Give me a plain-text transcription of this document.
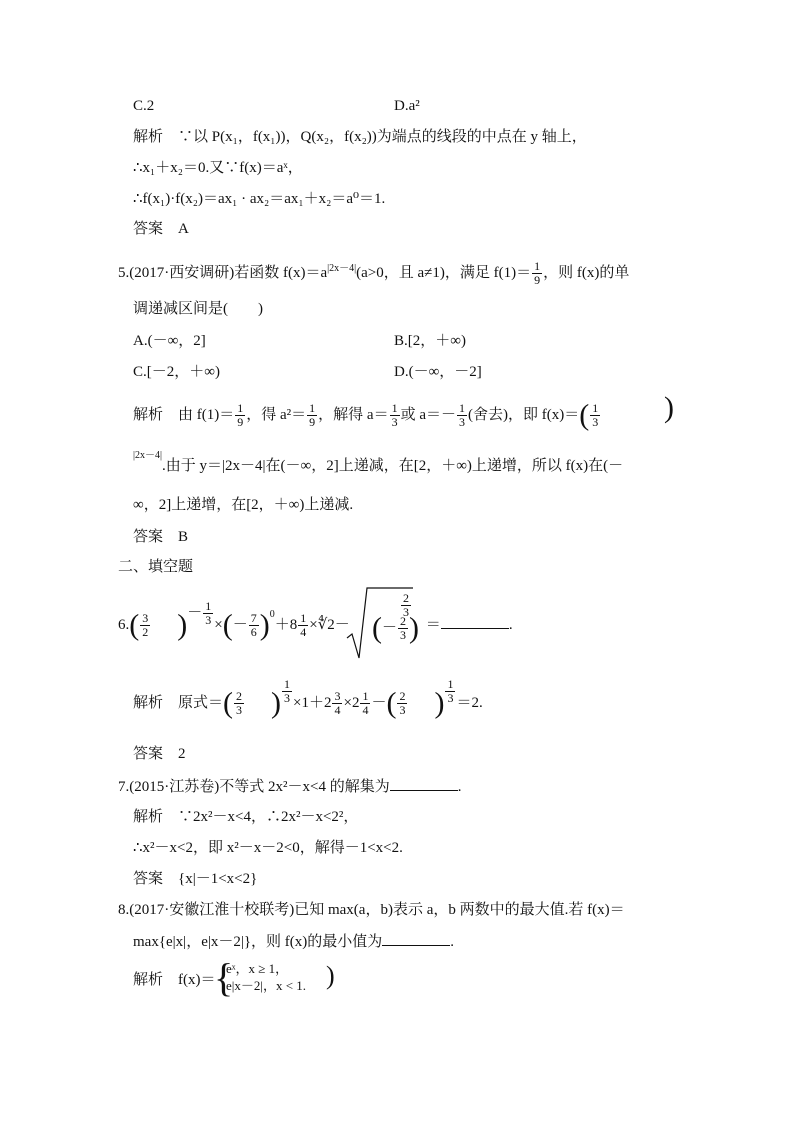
C.2	D.a²
解析　∵以 P(x₁，f(x₁))，Q(x₂，f(x₂))为端点的线段的中点在 y 轴上，
∴x₁＋x₂＝0.又∵f(x)＝aˣ，
∴f(x₁)·f(x₂)＝ax₁ · ax₂＝ax₁＋x₂＝a⁰＝1.
答案　A
5.(2017·西安调研)若函数 $f(x)=a^{|2x-4|}(a>0$，且 a≠1)，满足 $f(1)= \frac{1}{9}$ ，则 f(x)的单
调递减区间是(　　)
A.(－∞，2]	B.[2，＋∞)
C.[－2，＋∞)	D.(－∞，－2]
解析　由 $f(1)= \frac{1}{9}$ ，得 $a^2= \frac{1}{9}$ ，解得 $a= \frac{1}{3}$ 或 $a=- \frac{1}{3}$ (舍去)，即 $f(x)=( \frac{1}{3}$ )
$^{|2x-4|}$.由于 y＝|2x－4|在(－∞，2]上递减，在[2，＋∞)上递增，所以 f(x)在(－
∞，2]上递增，在[2，＋∞)上递减.
答案　B
二、填空题
$6.( \frac{3}{2}$ )－ $\frac{1}{3}$ ×(－ $\frac{7}{6} )^0+8 \frac{1}{4}$ ×∜2－	＝	.
(－ $\frac{2}{3}$ )
$\frac{2}{3}$
解析　原式＝( $\frac{2}{3}$ ) $\frac{1}{3} \times 1+2 \frac{3}{4} \times 2 \frac{1}{4}$ －( $\frac{2}{3}$ ) $\frac{1}{3} =2$.
答案　2
7.(2015·江苏卷)不等式 2x²－x<4 的解集为	.
解析　∵2x²－x<4，∴2x²－x<2²，
∴x²－x<2，即 x²－x－2<0，解得－1<x<2.
答案　{x|－1<x<2}
8.(2017·安徽江淮十校联考)已知 max(a，b)表示 a，b 两数中的最大值.若 f(x)＝
max{e|x|，e|x－2|}，则 f(x)的最小值为	.
解析　f(x)＝
{
eˣ，x ≥ 1，
e|x－2|，x < 1. )
